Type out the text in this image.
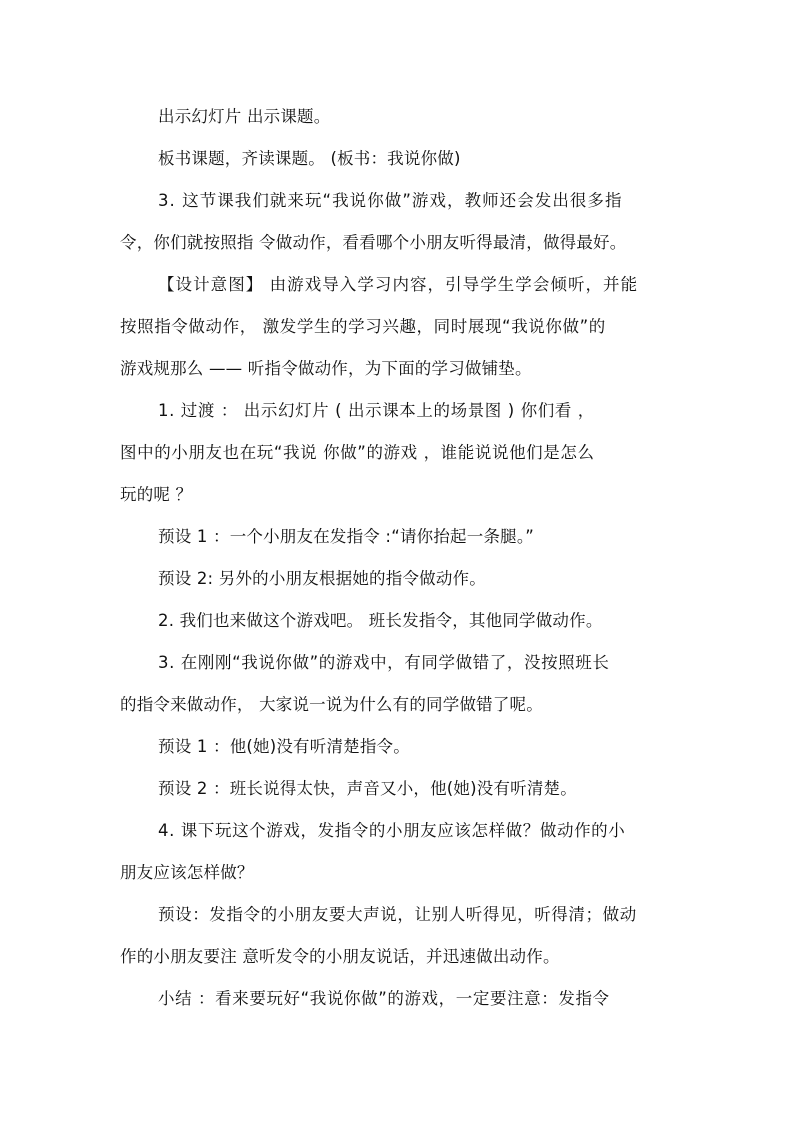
出示幻灯片 出示课题。
板书课题，齐读课题。 (板书：我说你做)
3. 这节课我们就来玩“我说你做”游戏，教师还会发出很多指
令，你们就按照指 令做动作，看看哪个小朋友听得最清，做得最好。
【设计意图】 由游戏导入学习内容，引导学生学会倾听，并能
按照指令做动作， 激发学生的学习兴趣，同时展现“我说你做”的
游戏规那么 —— 听指令做动作，为下面的学习做铺垫。
1. 过渡 ： 出示幻灯片 ( 出示课本上的场景图 ) 你们看 ，
图中的小朋友也在玩“我说 你做”的游戏 ，谁能说说他们是怎么
玩的呢 ？
预设 1 ：一个小朋友在发指令 :“请你抬起一条腿。”
预设 2: 另外的小朋友根据她的指令做动作。
2. 我们也来做这个游戏吧。 班长发指令，其他同学做动作。
3. 在刚刚“我说你做”的游戏中，有同学做错了，没按照班长
的指令来做动作， 大家说一说为什么有的同学做错了呢。
预设 1 ：他(她)没有听清楚指令。
预设 2 ：班长说得太快，声音又小，他(她)没有听清楚。
4. 课下玩这个游戏，发指令的小朋友应该怎样做？做动作的小
朋友应该怎样做？
预设：发指令的小朋友要大声说，让别人听得见，听得清；做动
作的小朋友要注 意听发令的小朋友说话，并迅速做出动作。
小结 ：看来要玩好“我说你做”的游戏，一定要注意：发指令
